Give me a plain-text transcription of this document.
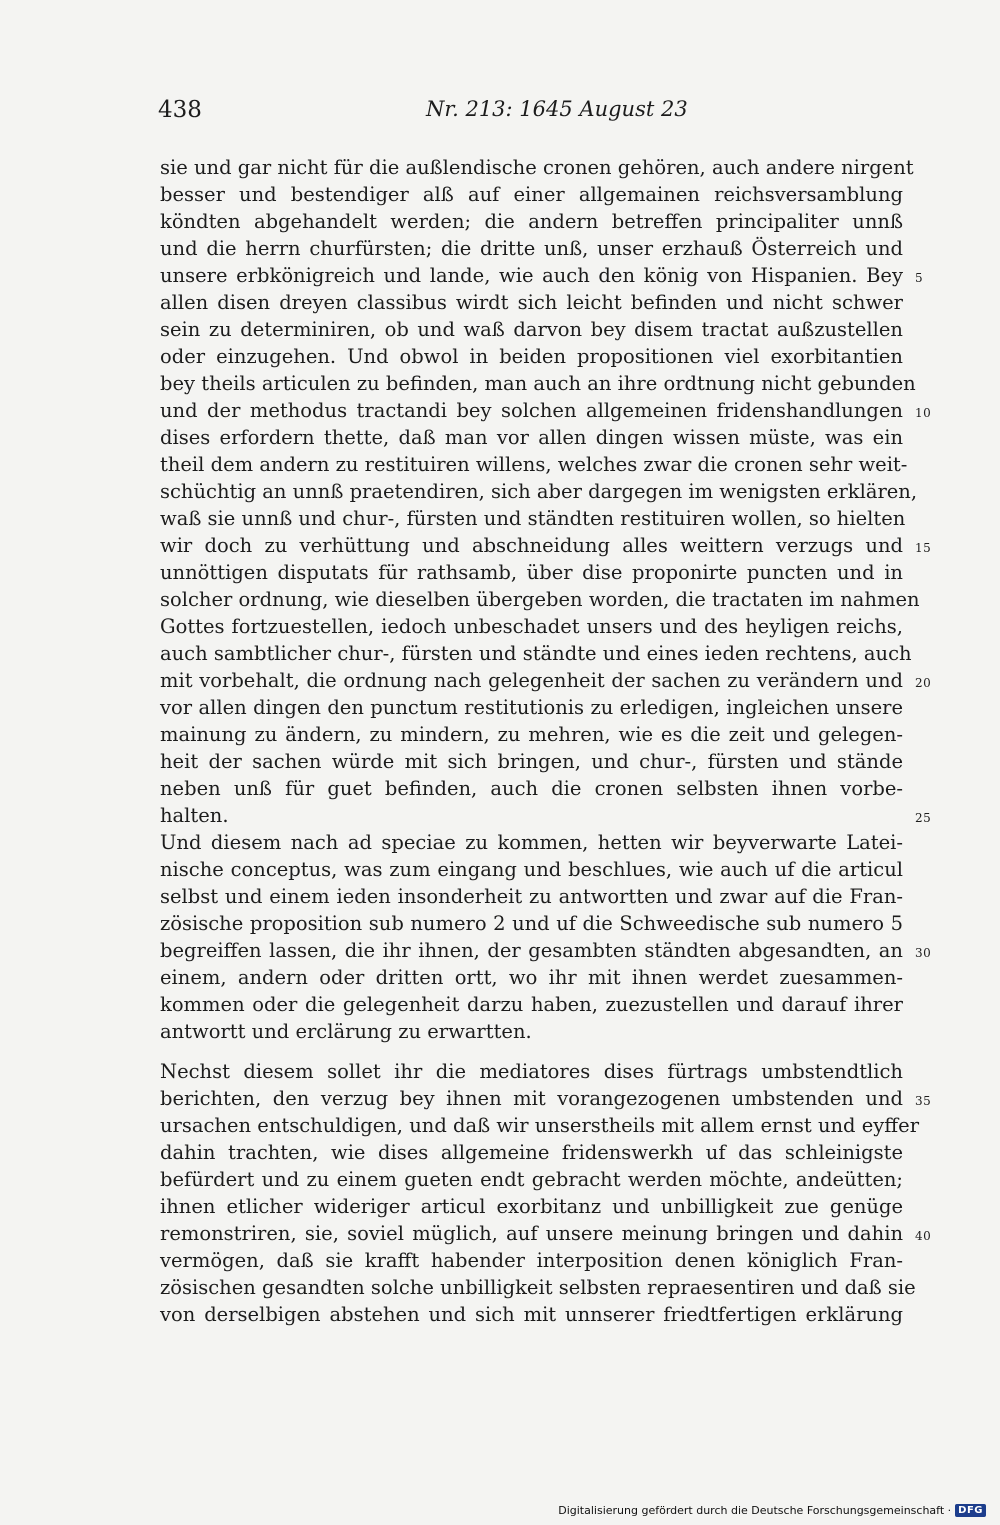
438	Nr. 213: 1645 August 23
sie und gar nicht für die außlendische cronen gehören, auch andere nirgent
besser und bestendiger alß auf einer allgemainen reichsversamblung
köndten abgehandelt werden; die andern betreffen principaliter unnß
und die herrn churfürsten; die dritte unß, unser erzhauß Österreich und
unsere erbkönigreich und lande, wie auch den könig von Hispanien. Bey 5
allen disen dreyen classibus wirdt sich leicht befinden und nicht schwer
sein zu determiniren, ob und waß darvon bey disem tractat außzustellen
oder einzugehen. Und obwol in beiden propositionen viel exorbitantien
bey theils articulen zu befinden, man auch an ihre ordtnung nicht gebunden
und der methodus tractandi bey solchen allgemeinen fridenshandlungen 10
dises erfordern thette, daß man vor allen dingen wissen müste, was ein
theil dem andern zu restituiren willens, welches zwar die cronen sehr weit-
schüchtig an unnß praetendiren, sich aber dargegen im wenigsten erklären,
waß sie unnß und chur-, fürsten und ständten restituiren wollen, so hielten
wir doch zu verhüttung und abschneidung alles weittern verzugs und 15
unnöttigen disputats für rathsamb, über dise proponirte puncten und in
solcher ordnung, wie dieselben übergeben worden, die tractaten im nahmen
Gottes fortzuestellen, iedoch unbeschadet unsers und des heyligen reichs,
auch sambtlicher chur-, fürsten und ständte und eines ieden rechtens, auch
mit vorbehalt, die ordnung nach gelegenheit der sachen zu verändern und 20
vor allen dingen den punctum restitutionis zu erledigen, ingleichen unsere
mainung zu ändern, zu mindern, zu mehren, wie es die zeit und gelegen-
heit der sachen würde mit sich bringen, und chur-, fürsten und stände
neben unß für guet befinden, auch die cronen selbsten ihnen vorbe-
halten.	25
Und diesem nach ad speciae zu kommen, hetten wir beyverwarte Latei-
nische conceptus, was zum eingang und beschlues, wie auch uf die articul
selbst und einem ieden insonderheit zu antwortten und zwar auf die Fran-
zösische proposition sub numero 2 und uf die Schweedische sub numero 5
begreiffen lassen, die ihr ihnen, der gesambten ständten abgesandten, an 30
einem, andern oder dritten ortt, wo ihr mit ihnen werdet zuesammen-
kommen oder die gelegenheit darzu haben, zuezustellen und darauf ihrer
antwortt und erclärung zu erwartten.
Nechst diesem sollet ihr die mediatores dises fürtrags umbstendtlich
berichten, den verzug bey ihnen mit vorangezogenen umbstenden und 35
ursachen entschuldigen, und daß wir unserstheils mit allem ernst und eyffer
dahin trachten, wie dises allgemeine fridenswerkh uf das schleinigste
befürdert und zu einem gueten endt gebracht werden möchte, andeütten;
ihnen etlicher wideriger articul exorbitanz und unbilligkeit zue genüge
remonstriren, sie, soviel müglich, auf unsere meinung bringen und dahin 40
vermögen, daß sie krafft habender interposition denen königlich Fran-
zösischen gesandten solche unbilligkeit selbsten repraesentiren und daß sie
von derselbigen abstehen und sich mit unnserer friedtfertigen erklärung
Digitalisierung gefördert durch die Deutsche Forschungsgemeinschaft · DFG
